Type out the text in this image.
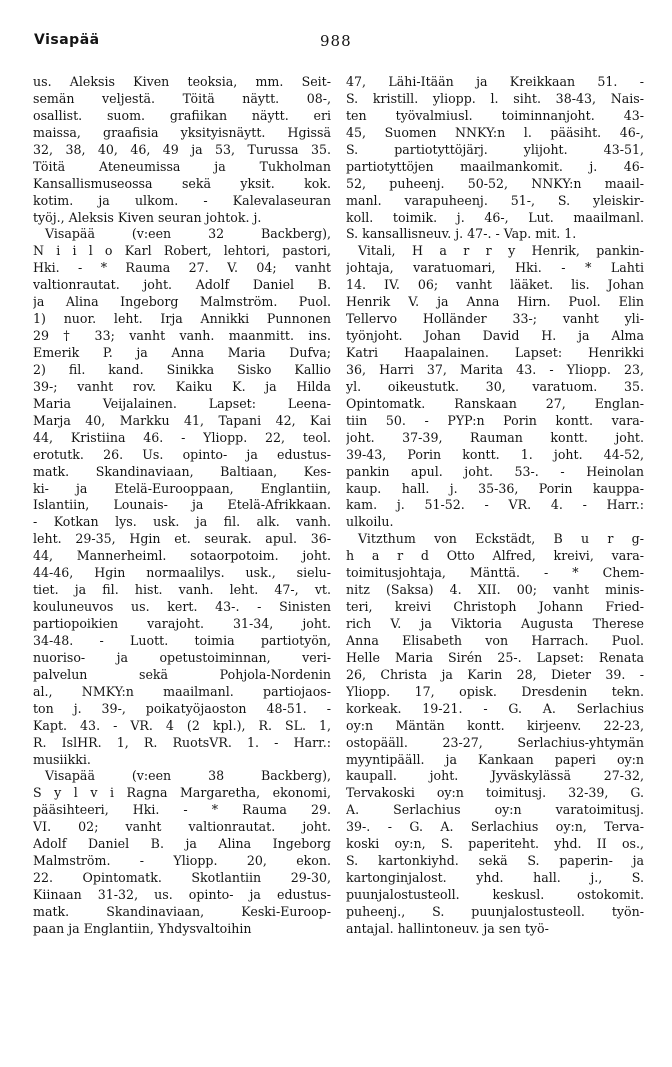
Visapää	988
us. Aleksis Kiven teoksia, mm. Seit-
semän veljestä. Töitä näytt. 08-,
osallist. suom. grafiikan näytt. eri
maissa, graafisia yksityisnäytt. Hgissä
32, 38, 40, 46, 49 ja 53, Turussa 35.
Töitä Ateneumissa ja Tukholman
Kansallismuseossa sekä yksit. kok.
kotim. ja ulkom. - Kalevalaseuran
työj., Aleksis Kiven seuran johtok. j.
Visapää (v:een 32 Backberg),
N i i l o Karl Robert, lehtori, pastori,
Hki. - * Rauma 27. V. 04; vanht
valtionrautat. joht. Adolf Daniel B.
ja Alina Ingeborg Malmström. Puol.
1) nuor. leht. Irja Annikki Punnonen
29 † 33; vanht vanh. maanmitt. ins.
Emerik P. ja Anna Maria Dufva;
2) fil. kand. Sinikka Sisko Kallio
39-; vanht rov. Kaiku K. ja Hilda
Maria Veijalainen. Lapset: Leena-
Marja 40, Markku 41, Tapani 42, Kai
44, Kristiina 46. - Yliopp. 22, teol.
erotutk. 26. Us. opinto- ja edustus-
matk. Skandinaviaan, Baltiaan, Kes-
ki- ja Etelä-Eurooppaan, Englantiin,
Islantiin, Lounais- ja Etelä-Afrikkaan.
- Kotkan lys. usk. ja fil. alk. vanh.
leht. 29-35, Hgin et. seurak. apul. 36-
44, Mannerheiml. sotaorpotoim. joht.
44-46, Hgin normaalilys. usk., sielu-
tiet. ja fil. hist. vanh. leht. 47-, vt.
kouluneuvos us. kert. 43-. - Sinisten
partiopoikien varajoht. 31-34, joht.
34-48. - Luott. toimia partiotyön,
nuoriso- ja opetustoiminnan, veri-
palvelun sekä Pohjola-Nordenin
al., NMKY:n maailmanl. partiojaos-
ton j. 39-, poikatyöjaoston 48-51. -
Kapt. 43. - VR. 4 (2 kpl.), R. SL. 1,
R. IslHR. 1, R. RuotsVR. 1. - Harr.:
musiikki.
Visapää (v:een 38 Backberg),
S y l v i Ragna Margaretha, ekonomi,
pääsihteeri, Hki. - * Rauma 29.
VI. 02; vanht valtionrautat. joht.
Adolf Daniel B. ja Alina Ingeborg
Malmström. - Yliopp. 20, ekon.
22. Opintomatk. Skotlantiin 29-30,
Kiinaan 31-32, us. opinto- ja edustus-
matk. Skandinaviaan, Keski-Euroop-
paan ja Englantiin, Yhdysvaltoihin
47, Lähi-Itään ja Kreikkaan 51. -
S. kristill. yliopp. l. siht. 38-43, Nais-
ten työvalmiusl. toiminnanjoht. 43-
45, Suomen NNKY:n l. pääsiht. 46-,
S. partiotyttöjärj. ylijoht. 43-51,
partiotyttöjen maailmankomit. j. 46-
52, puheenj. 50-52, NNKY:n maail-
manl. varapuheenj. 51-, S. yleiskir-
koll. toimik. j. 46-, Lut. maailmanl.
S. kansallisneuv. j. 47-. - Vap. mit. 1.
Vitali, H a r r y Henrik, pankin-
johtaja, varatuomari, Hki. - * Lahti
14. IV. 06; vanht lääket. lis. Johan
Henrik V. ja Anna Hirn. Puol. Elin
Tellervo Holländer 33-; vanht yli-
työnjoht. Johan David H. ja Alma
Katri Haapalainen. Lapset: Henrikki
36, Harri 37, Marita 43. - Yliopp. 23,
yl. oikeustutk. 30, varatuom. 35.
Opintomatk. Ranskaan 27, Englan-
tiin 50. - PYP:n Porin kontt. vara-
joht. 37-39, Rauman kontt. joht.
39-43, Porin kontt. 1. joht. 44-52,
pankin apul. joht. 53-. - Heinolan
kaup. hall. j. 35-36, Porin kauppa-
kam. j. 51-52. - VR. 4. - Harr.:
ulkoilu.
Vitzthum von Eckstädt, B u r g-
h a r d Otto Alfred, kreivi, vara-
toimitusjohtaja, Mänttä. - * Chem-
nitz (Saksa) 4. XII. 00; vanht minis-
teri, kreivi Christoph Johann Fried-
rich V. ja Viktoria Augusta Therese
Anna Elisabeth von Harrach. Puol.
Helle Maria Sirén 25-. Lapset: Renata
26, Christa ja Karin 28, Dieter 39. -
Yliopp. 17, opisk. Dresdenin tekn.
korkeak. 19-21. - G. A. Serlachius
oy:n Mäntän kontt. kirjeenv. 22-23,
ostopääll. 23-27, Serlachius-yhtymän
myyntipääll. ja Kankaan paperi oy:n
kaupall. joht. Jyväskylässä 27-32,
Tervakoski oy:n toimitusj. 32-39, G.
A. Serlachius oy:n varatoimitusj.
39-. - G. A. Serlachius oy:n, Terva-
koski oy:n, S. paperiteht. yhd. II os.,
S. kartonkiyhd. sekä S. paperin- ja
kartonginjalost. yhd. hall. j., S.
puunjalostusteoll. keskusl. ostokomit.
puheenj., S. puunjalostusteoll. työn-
antajal. hallintoneuv. ja sen työ-
